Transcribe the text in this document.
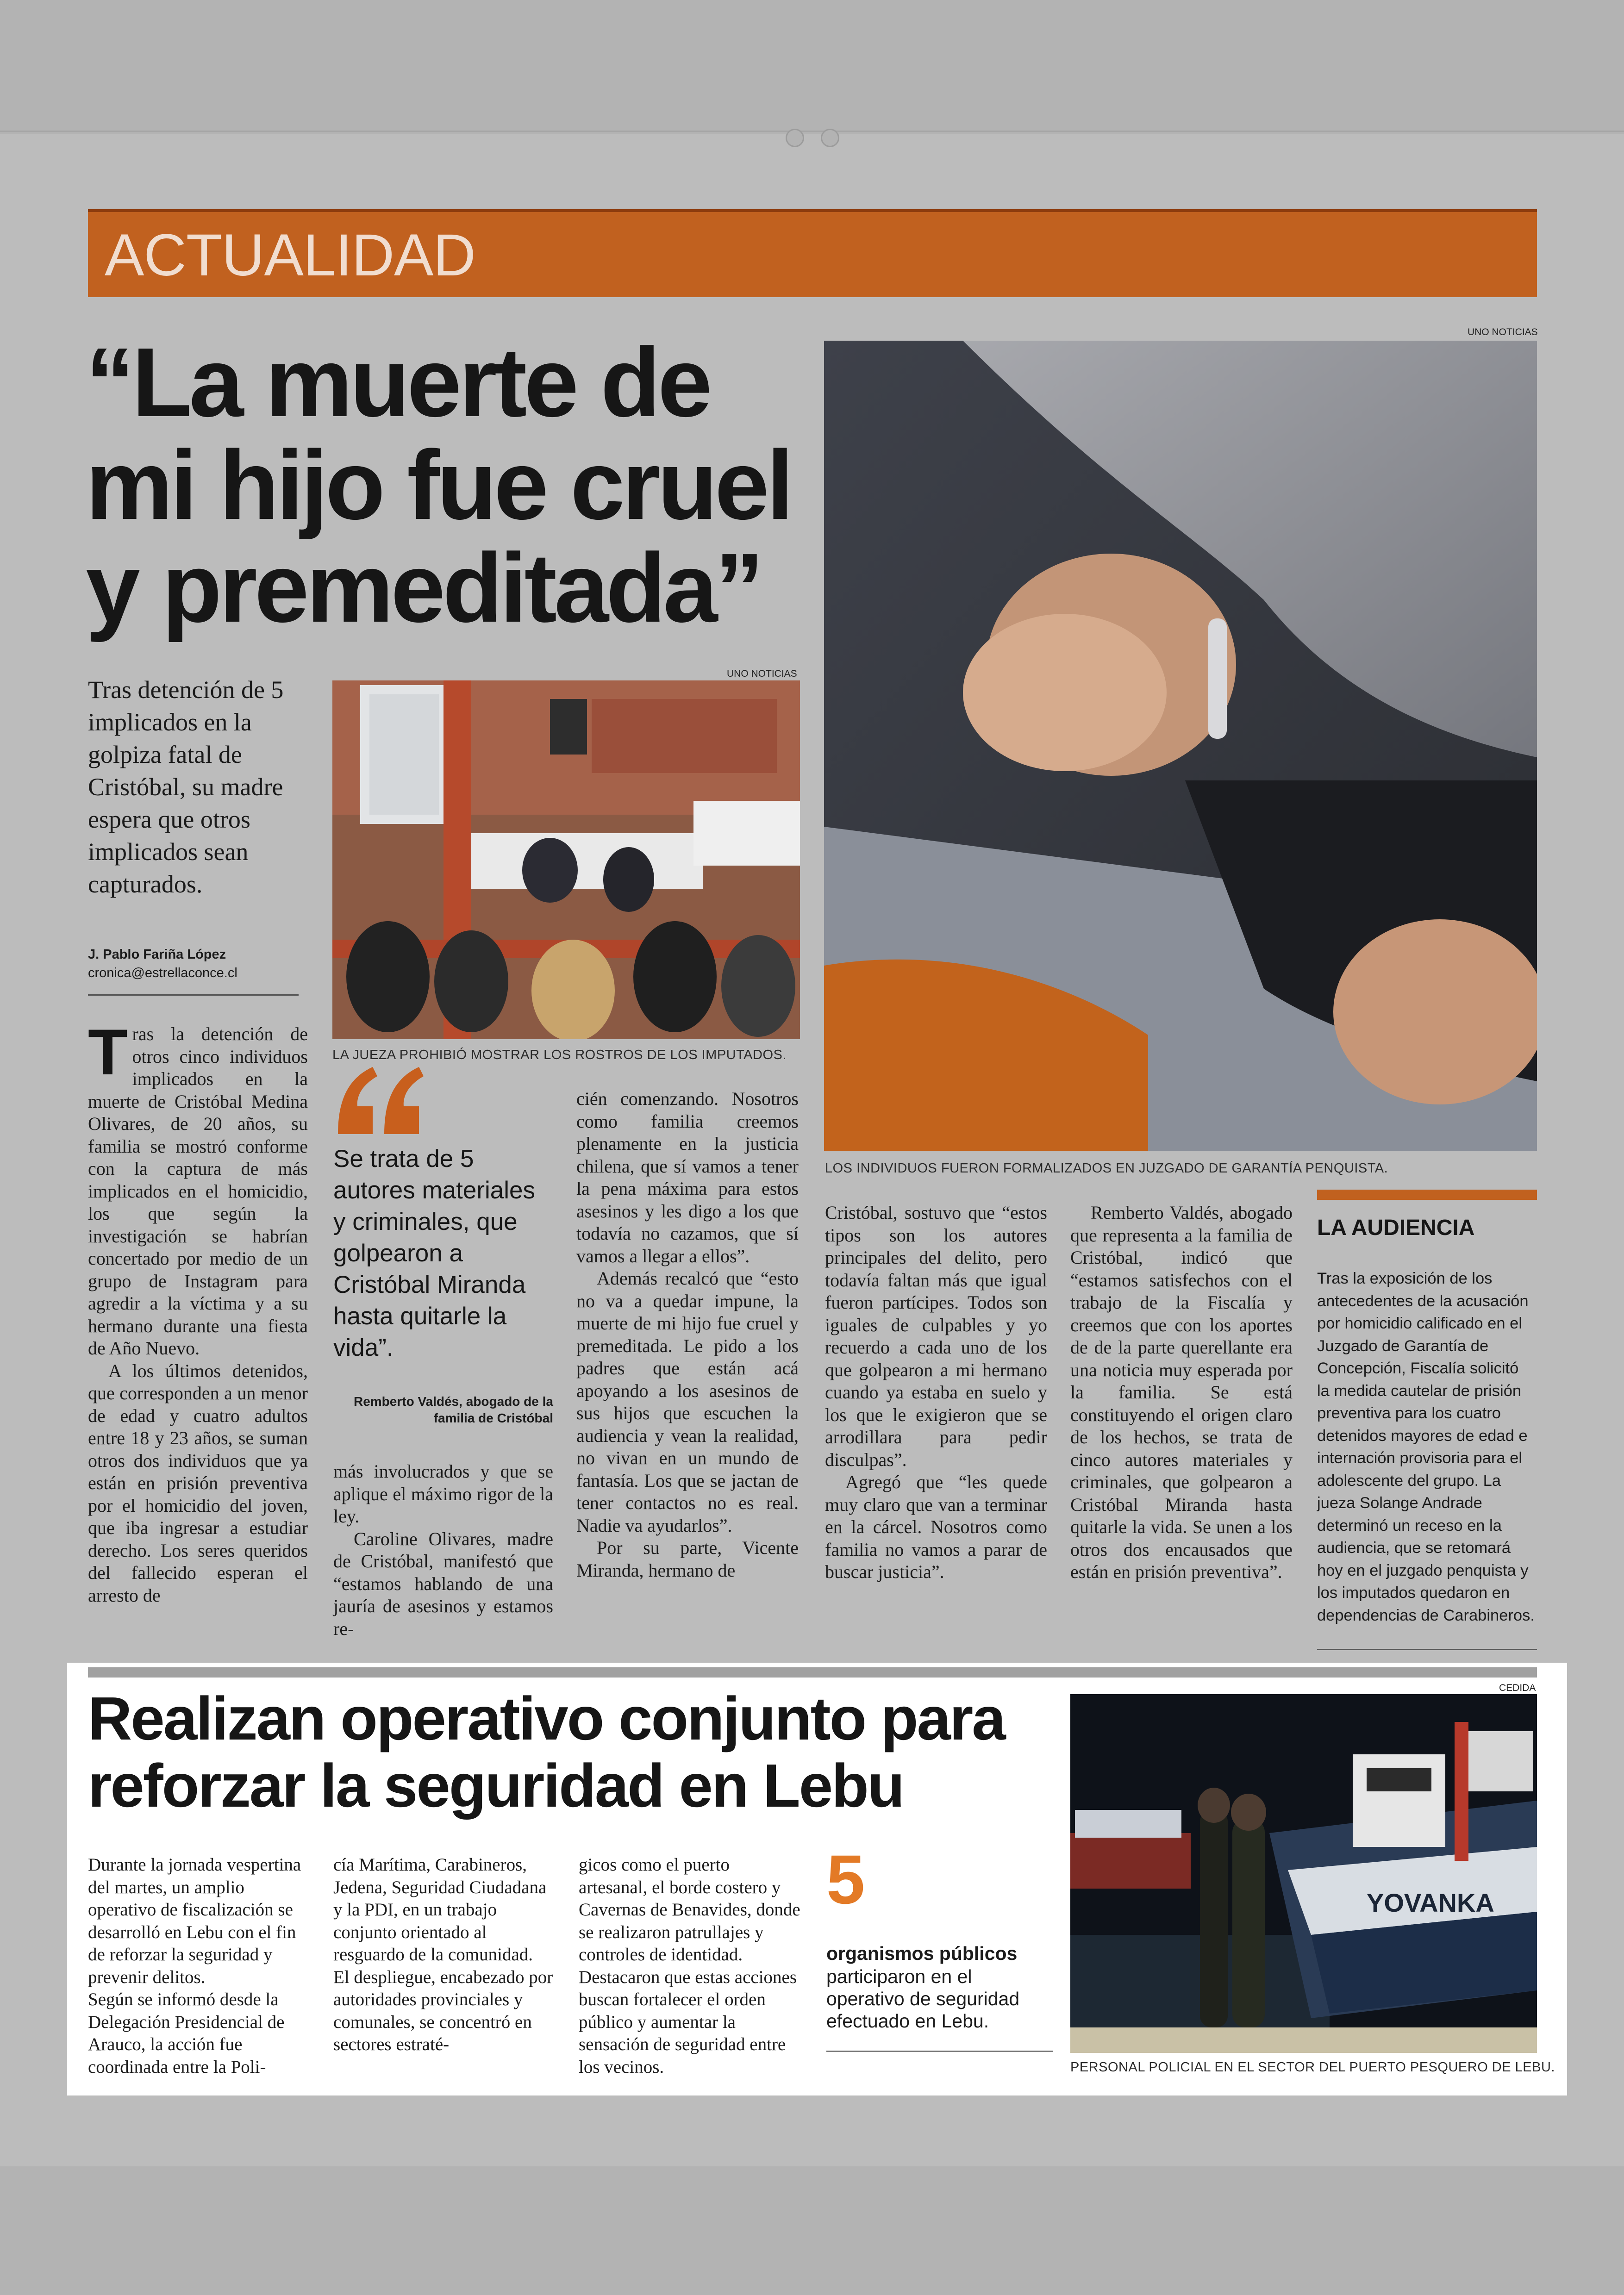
ACTUALIDAD
“La muerte de mi hijo fue cruel y premeditada”
Tras detención de 5 implicados en la golpiza fatal de Cristóbal, su madre espera que otros implicados sean capturados.
J. Pablo Fariña López
cronica@estrellaconce.cl
UNO NOTICIAS
LA JUEZA PROHIBIÓ MOSTRAR LOS ROSTROS DE LOS IMPUTADOS.
UNO NOTICIAS
LOS INDIVIDUOS FUERON FORMALIZADOS EN JUZGADO DE GARANTÍA PENQUISTA.

Tras la detención de otros cinco individuos implicados en la muerte de Cristóbal Medina Olivares, de 20 años, su familia se mostró conforme con la captura de más implicados en el homicidio, los que según la investigación se habrían concertado por medio de un grupo de Instagram para agredir a la víctima y a su hermano durante una fiesta de Año Nuevo.

A los últimos detenidos, que corresponden a un menor de edad y cuatro adultos entre 18 y 23 años, se suman otros dos individuos que ya están en prisión preventiva por el homicidio del joven, que iba ingresar a estudiar derecho. Los seres queridos del fallecido esperan el arresto de

Se trata de 5 autores materiales y criminales, que golpearon a Cristóbal Miranda hasta quitarle la vida”.
Remberto Valdés, abogado de la familia de Cristóbal

más involucrados y que se aplique el máximo rigor de la ley.

Caroline Olivares, madre de Cristóbal, manifestó que “estamos hablando de una jauría de asesinos y estamos re-

cién comenzando. Nosotros como familia creemos plenamente en la justicia chilena, que sí vamos a tener la pena máxima para estos asesinos y les digo a los que todavía no cazamos, que sí vamos a llegar a ellos”.

Además recalcó que “esto no va a quedar impune, la muerte de mi hijo fue cruel y premeditada. Le pido a los padres que están acá apoyando a los asesinos de sus hijos que escuchen la audiencia y vean la realidad, no vivan en un mundo de fantasía. Los que se jactan de tener contactos no es real. Nadie va ayudarlos”.

Por su parte, Vicente Miranda, hermano de

Cristóbal, sostuvo que “estos tipos son los autores principales del delito, pero todavía faltan más que igual fueron partícipes. Todos son iguales de culpables y yo recuerdo a cada uno de los que golpearon a mi hermano cuando ya estaba en suelo y los que le exigieron que se arrodillara para pedir disculpas”.

Agregó que “les quede muy claro que van a terminar en la cárcel. Nosotros como familia no vamos a parar de buscar justicia”.

Remberto Valdés, abogado que representa a la familia de Cristóbal, indicó que “estamos satisfechos con el trabajo de la Fiscalía y creemos que con los aportes de de la parte querellante era una noticia muy esperada por la familia. Se está constituyendo el origen claro de los hechos, se trata de cinco autores materiales y criminales, que golpearon a Cristóbal Miranda hasta quitarle la vida. Se unen a los otros dos encausados que están en prisión preventiva”.

LA AUDIENCIA
Tras la exposición de los antecedentes de la acusación por homicidio calificado en el Juzgado de Garantía de Concepción, Fiscalía solicitó la medida cautelar de prisión preventiva para los cuatro detenidos mayores de edad e internación provisoria para el adolescente del grupo. La jueza Solange Andrade determinó un receso en la audiencia, que se retomará hoy en el juzgado penquista y los imputados quedaron en dependencias de Carabineros.
Realizan operativo conjunto para reforzar la seguridad en Lebu

Durante la jornada vespertina del martes, un amplio operativo de fiscalización se desarrolló en Lebu con el fin de reforzar la seguridad y prevenir delitos.

Según se informó desde la Delegación Presidencial de Arauco, la acción fue coordinada entre la Poli-

cía Marítima, Carabineros, Jedena, Seguridad Ciudadana y la PDI, en un trabajo conjunto orientado al resguardo de la comunidad.

El despliegue, encabezado por autoridades provinciales y comunales, se concentró en sectores estraté-

gicos como el puerto artesanal, el borde costero y Cavernas de Benavides, donde se realizaron patrullajes y controles de identidad. Destacaron que estas acciones buscan fortalecer el orden público y aumentar la sensación de seguridad entre los vecinos.

5
organismos públicos
participaron en el operativo de seguridad efectuado en Lebu.
CEDIDA
YOVANKA
PERSONAL POLICIAL EN EL SECTOR DEL PUERTO PESQUERO DE LEBU.
